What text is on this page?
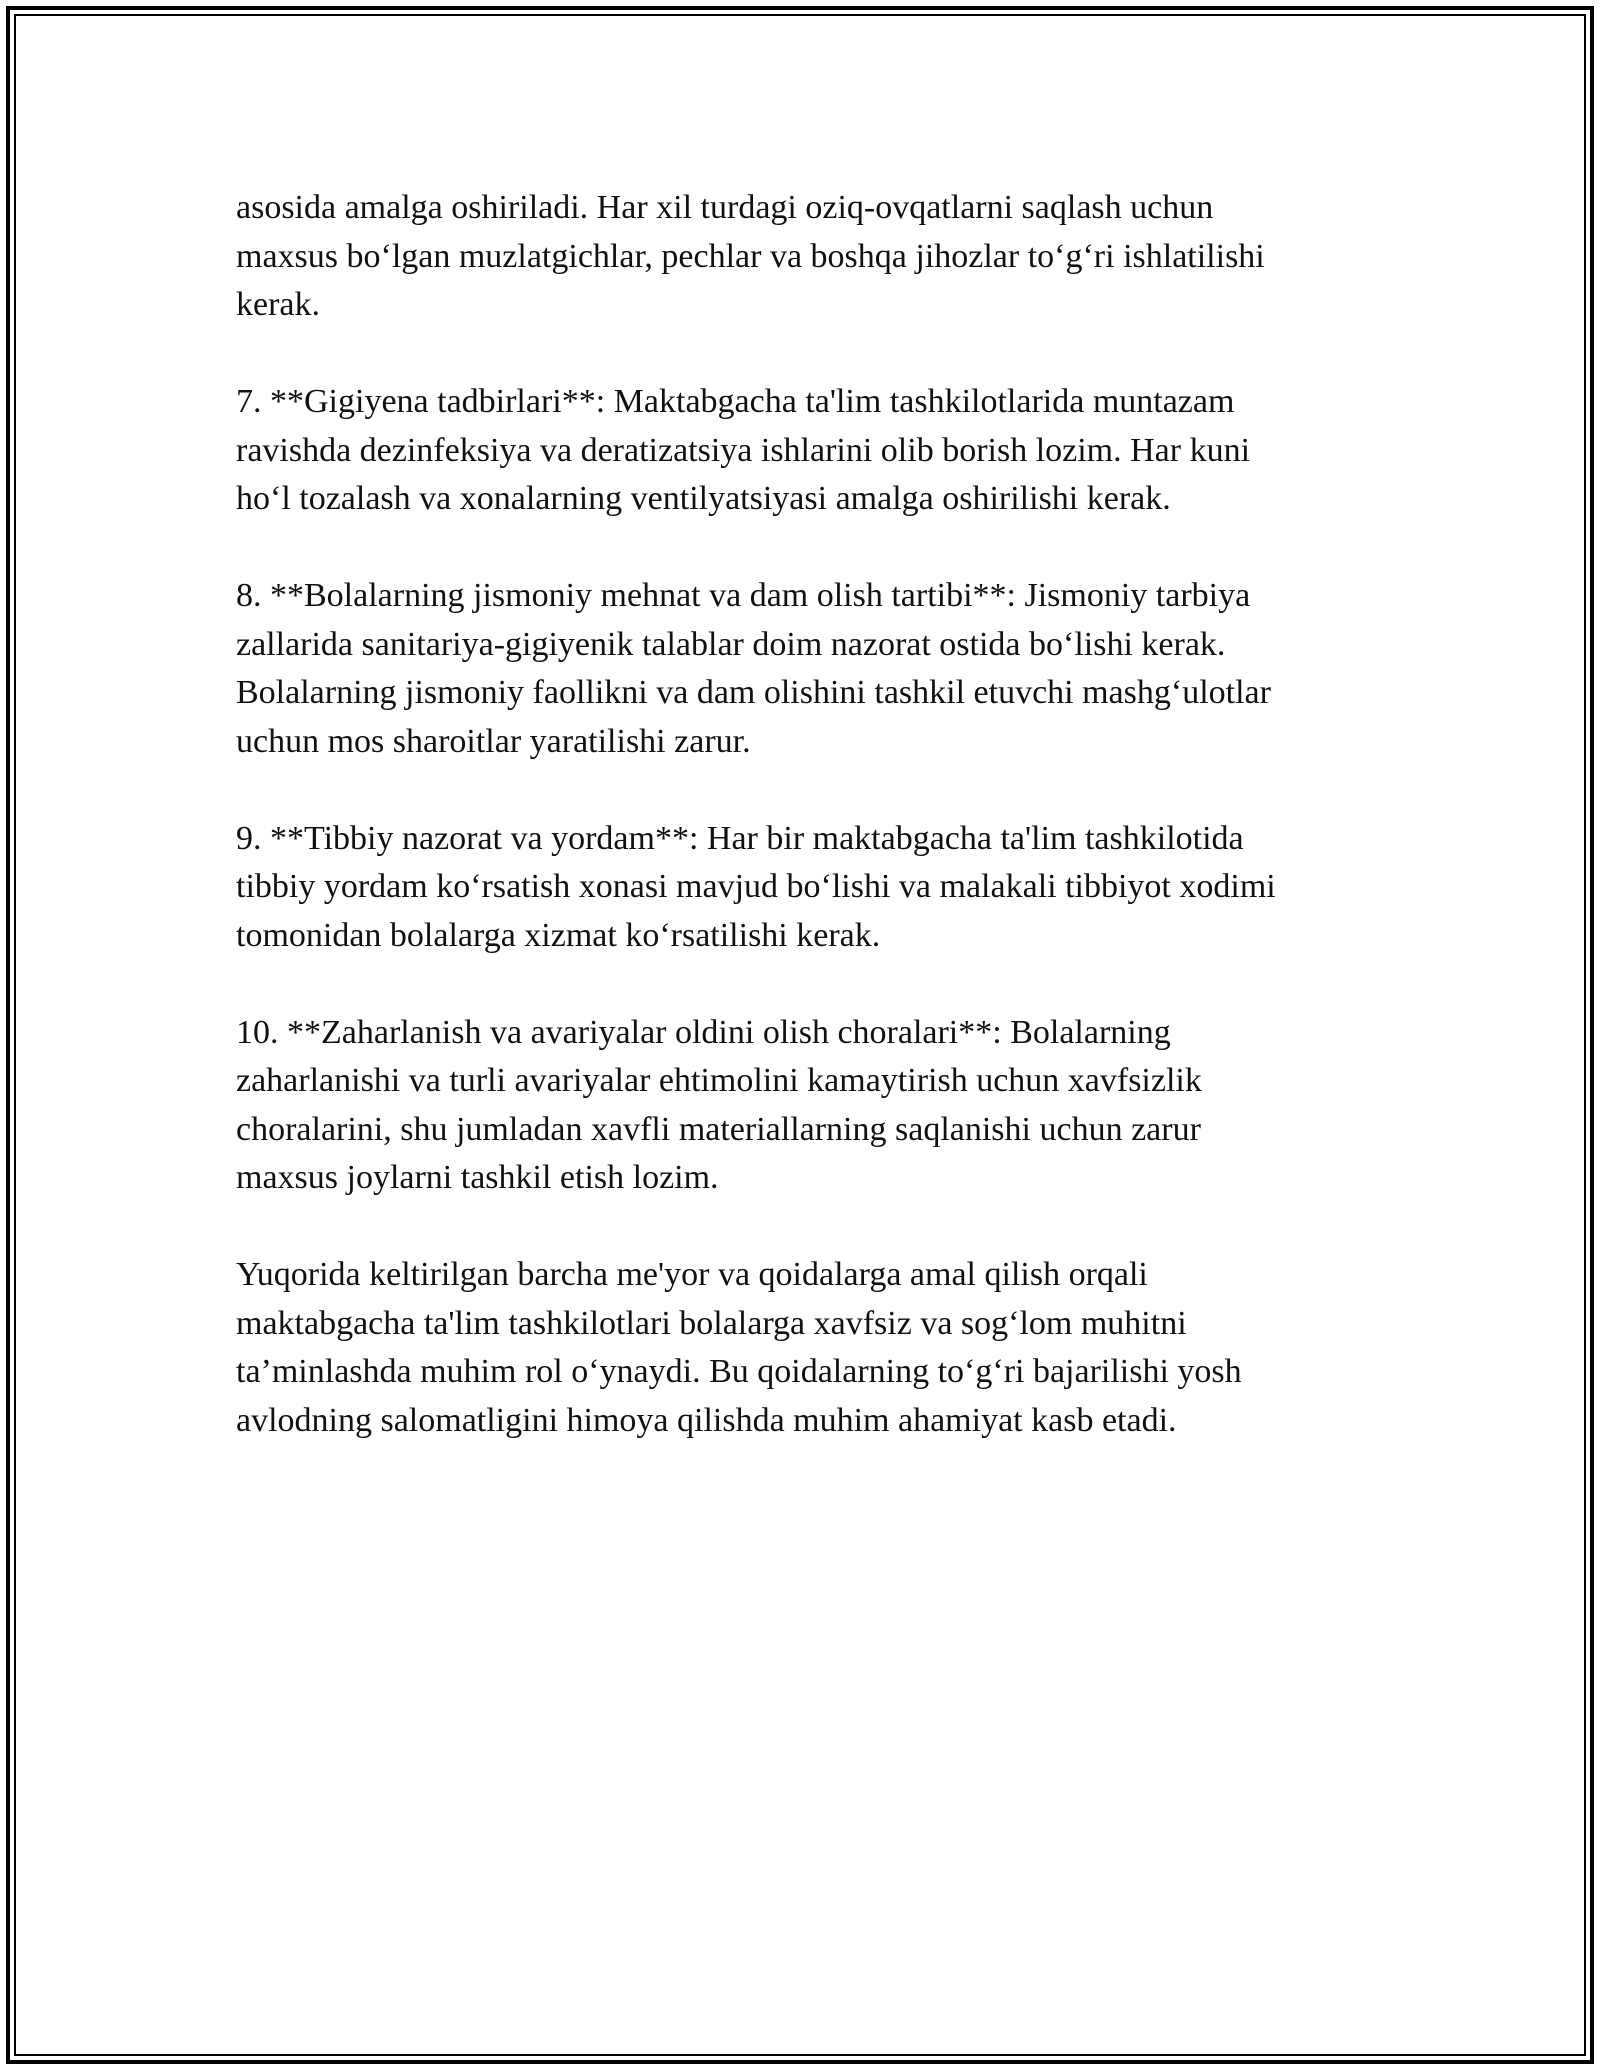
asosida amalga oshiriladi. Har xil turdagi oziq-ovqatlarni saqlash uchun
maxsus bo‘lgan muzlatgichlar, pechlar va boshqa jihozlar to‘g‘ri ishlatilishi
kerak.

7. **Gigiyena tadbirlari**: Maktabgacha ta'lim tashkilotlarida muntazam
ravishda dezinfeksiya va deratizatsiya ishlarini olib borish lozim. Har kuni
ho‘l tozalash va xonalarning ventilyatsiyasi amalga oshirilishi kerak.

8. **Bolalarning jismoniy mehnat va dam olish tartibi**: Jismoniy tarbiya
zallarida sanitariya-gigiyenik talablar doim nazorat ostida bo‘lishi kerak.
Bolalarning jismoniy faollikni va dam olishini tashkil etuvchi mashg‘ulotlar
uchun mos sharoitlar yaratilishi zarur.

9. **Tibbiy nazorat va yordam**: Har bir maktabgacha ta'lim tashkilotida
tibbiy yordam ko‘rsatish xonasi mavjud bo‘lishi va malakali tibbiyot xodimi
tomonidan bolalarga xizmat ko‘rsatilishi kerak.

10. **Zaharlanish va avariyalar oldini olish choralari**: Bolalarning
zaharlanishi va turli avariyalar ehtimolini kamaytirish uchun xavfsizlik
choralarini, shu jumladan xavfli materiallarning saqlanishi uchun zarur
maxsus joylarni tashkil etish lozim.

Yuqorida keltirilgan barcha me'yor va qoidalarga amal qilish orqali
maktabgacha ta'lim tashkilotlari bolalarga xavfsiz va sog‘lom muhitni
ta’minlashda muhim rol o‘ynaydi. Bu qoidalarning to‘g‘ri bajarilishi yosh
avlodning salomatligini himoya qilishda muhim ahamiyat kasb etadi.
